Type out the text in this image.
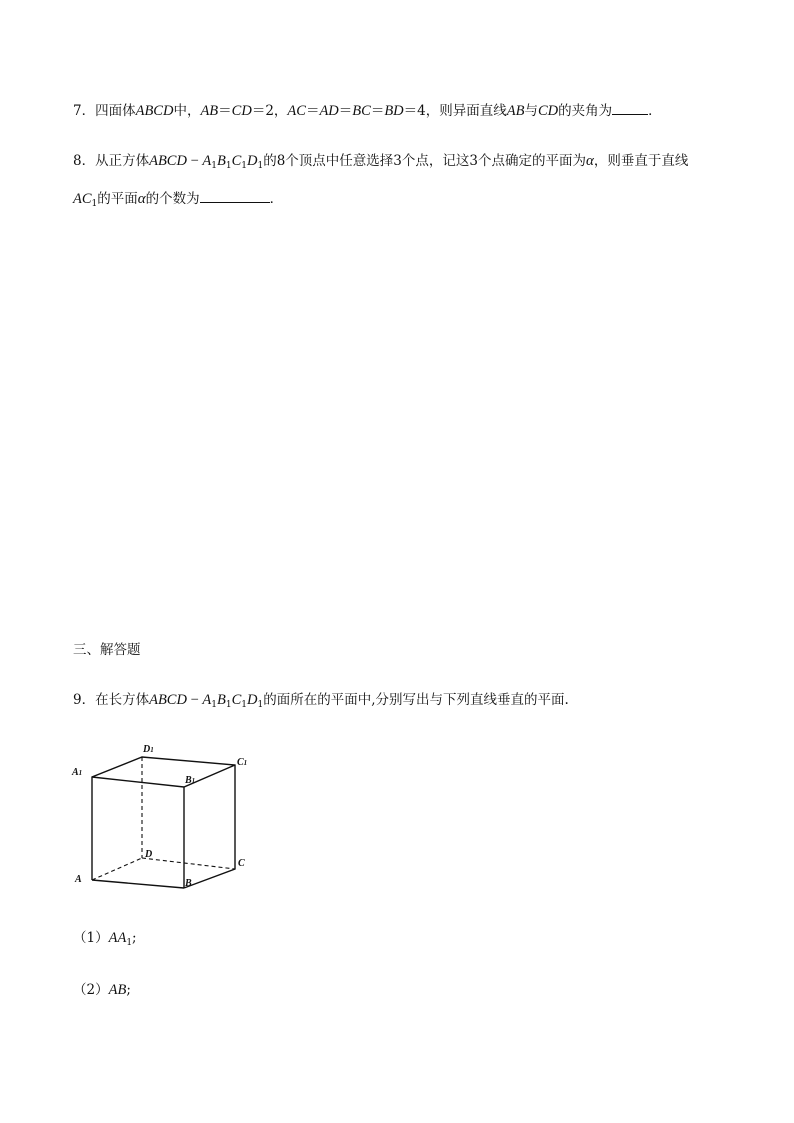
7．四面体ABCD中，AB＝CD＝2，AC＝AD＝BC＝BD＝4，则异面直线AB与CD的夹角为	．
8．从正方体ABCD − $A_1B_1C_1D_1$的8个顶点中任意选择3个点，记这3个点确定的平面为α，则垂直于直线
$AC_1$的平面α的个数为	．
三、解答题
9．在长方体ABCD − $A_1B_1C_1D_1$的面所在的平面中,分别写出与下列直线垂直的平面.
D1
C1
A1
B1
D
C
A	B
$(1)AA_1$;
（2）AB;
